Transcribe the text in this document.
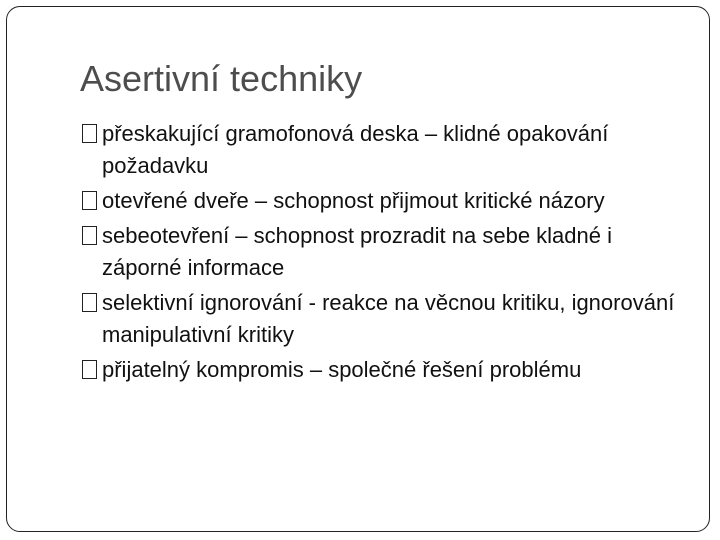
Asertivní techniky
přeskakující gramofonová deska – klidné opakování požadavku
otevřené dveře – schopnost přijmout kritické názory
sebeotevření – schopnost prozradit na sebe kladné i záporné informace
selektivní ignorování - reakce na věcnou kritiku, ignorování manipulativní kritiky
přijatelný kompromis – společné řešení problému
